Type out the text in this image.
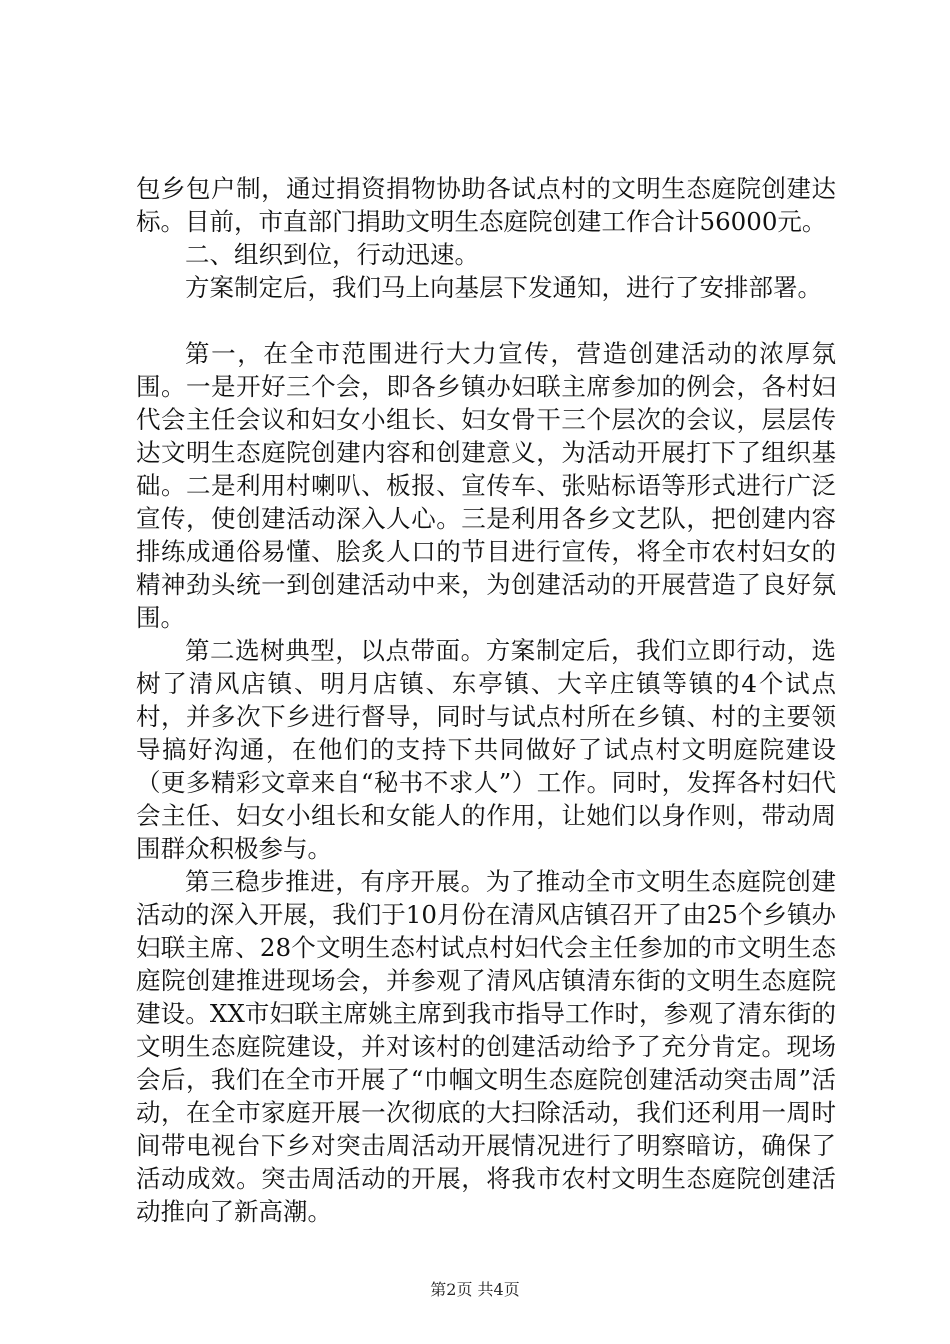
包乡包户制，通过捐资捐物协助各试点村的文明生态庭院创建达标。目前，市直部门捐助文明生态庭院创建工作合计56000元。

二、组织到位，行动迅速。

方案制定后，我们马上向基层下发通知，进行了安排部署。

第一，在全市范围进行大力宣传，营造创建活动的浓厚氛围。一是开好三个会，即各乡镇办妇联主席参加的例会，各村妇代会主任会议和妇女小组长、妇女骨干三个层次的会议，层层传达文明生态庭院创建内容和创建意义，为活动开展打下了组织基础。二是利用村喇叭、板报、宣传车、张贴标语等形式进行广泛宣传，使创建活动深入人心。三是利用各乡文艺队，把创建内容排练成通俗易懂、脍炙人口的节目进行宣传，将全市农村妇女的精神劲头统一到创建活动中来，为创建活动的开展营造了良好氛围。

第二选树典型，以点带面。方案制定后，我们立即行动，选树了清风店镇、明月店镇、东亭镇、大辛庄镇等镇的4个试点村，并多次下乡进行督导，同时与试点村所在乡镇、村的主要领导搞好沟通，在他们的支持下共同做好了试点村文明庭院建设（更多精彩文章来自“秘书不求人”）工作。同时，发挥各村妇代会主任、妇女小组长和女能人的作用，让她们以身作则，带动周围群众积极参与。

第三稳步推进，有序开展。为了推动全市文明生态庭院创建活动的深入开展，我们于10月份在清风店镇召开了由25个乡镇办妇联主席、28个文明生态村试点村妇代会主任参加的市文明生态庭院创建推进现场会，并参观了清风店镇清东街的文明生态庭院建设。XX市妇联主席姚主席到我市指导工作时，参观了清东街的文明生态庭院建设，并对该村的创建活动给予了充分肯定。现场会后，我们在全市开展了“巾帼文明生态庭院创建活动突击周”活动，在全市家庭开展一次彻底的大扫除活动，我们还利用一周时间带电视台下乡对突击周活动开展情况进行了明察暗访，确保了活动成效。突击周活动的开展，将我市农村文明生态庭院创建活动推向了新高潮。

第2页 共4页
